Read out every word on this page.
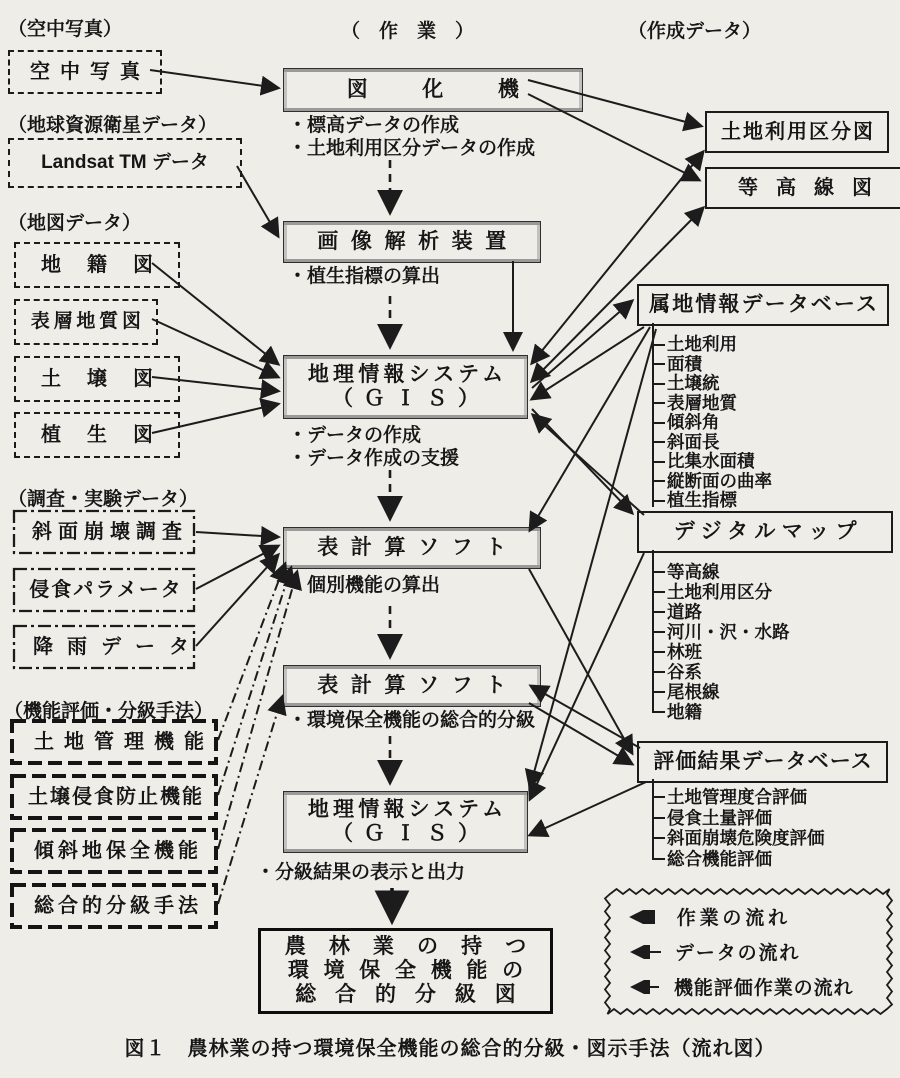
（空中写真）	（　作　業　）	（作成データ）
（地球資源衛星データ）
（地図データ）
（調査・実験データ）
（機能評価・分級手法）
空中写真
Landsat TM データ
地籍図
表層地質図
土壌図
植生図
斜面崩壊調査
侵食パラメータ
降雨データ
土地管理機能
土壌侵食防止機能
傾斜地保全機能
総合的分級手法
図化機
・標高データの作成
・土地利用区分データの作成
画像解析装置
・植生指標の算出
地理情報システム
（ＧＩＳ）
・データの作成
・データ作成の支援
表計算ソフト
・個別機能の算出
表計算ソフト
・環境保全機能の総合的分級
地理情報システム
（ＧＩＳ）
・分級結果の表示と出力
農林業の持つ
環境保全機能の
総合的分級図
土地利用区分図
等高線図
属地情報データベース
土地利用
面積
土壌統
表層地質
傾斜角
斜面長
比集水面積
縦断面の曲率
植生指標
デジタルマップ
等高線
土地利用区分
道路
河川・沢・水路
林班
谷系
尾根線
地籍
評価結果データベース
土地管理度合評価
侵食土量評価
斜面崩壊危険度評価
総合機能評価
作業の流れ
データの流れ
機能評価作業の流れ
図１　農林業の持つ環境保全機能の総合的分級・図示手法（流れ図）
